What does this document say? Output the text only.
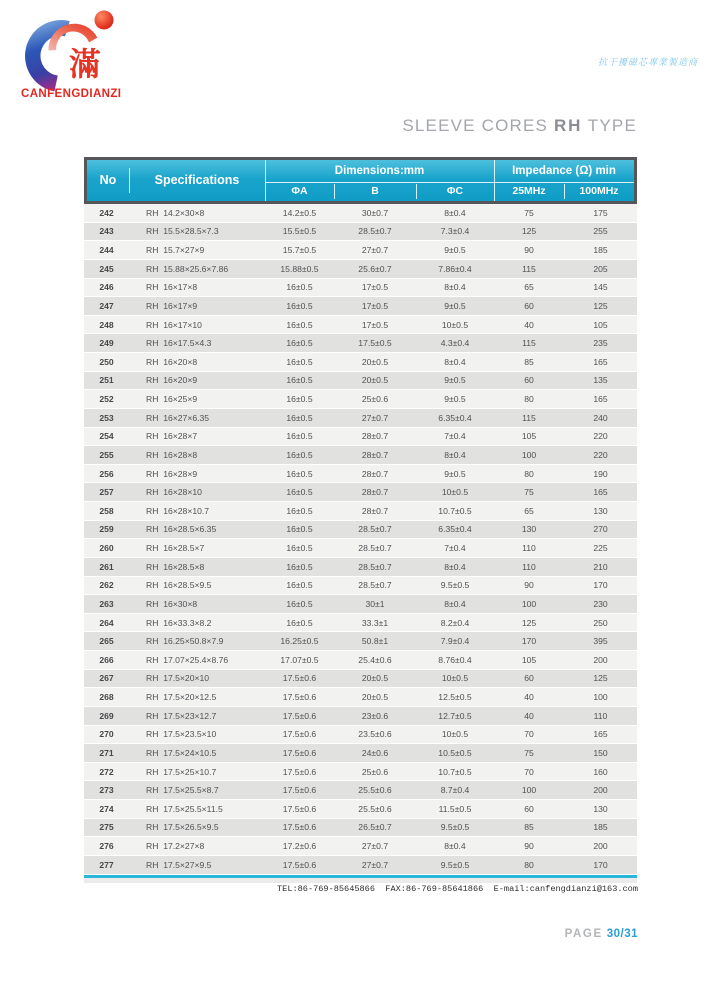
滿
CANFENGDIANZI
抗干擾磁芯專業製造商
SLEEVE CORES RH TYPE
No	Specifications
Dimensions:mm	Impedance (Ω) min
ΦA	B	ΦC	25MHz	100MHz
242	RH  14.2×30×8	14.2±0.5	30±0.7	8±0.4	75	175
243	RH  15.5×28.5×7.3	15.5±0.5	28.5±0.7	7.3±0.4	125	255
244	RH  15.7×27×9	15.7±0.5	27±0.7	9±0.5	90	185
245	RH  15.88×25.6×7.86	15.88±0.5	25.6±0.7	7.86±0.4	115	205
246	RH  16×17×8	16±0.5	17±0.5	8±0.4	65	145
247	RH  16×17×9	16±0.5	17±0.5	9±0.5	60	125
248	RH  16×17×10	16±0.5	17±0.5	10±0.5	40	105
249	RH  16×17.5×4.3	16±0.5	17.5±0.5	4.3±0.4	115	235
250	RH  16×20×8	16±0.5	20±0.5	8±0.4	85	165
251	RH  16×20×9	16±0.5	20±0.5	9±0.5	60	135
252	RH  16×25×9	16±0.5	25±0.6	9±0.5	80	165
253	RH  16×27×6.35	16±0.5	27±0.7	6.35±0.4	115	240
254	RH  16×28×7	16±0.5	28±0.7	7±0.4	105	220
255	RH  16×28×8	16±0.5	28±0.7	8±0.4	100	220
256	RH  16×28×9	16±0.5	28±0.7	9±0.5	80	190
257	RH  16×28×10	16±0.5	28±0.7	10±0.5	75	165
258	RH  16×28×10.7	16±0.5	28±0.7	10.7±0.5	65	130
259	RH  16×28.5×6.35	16±0.5	28.5±0.7	6.35±0.4	130	270
260	RH  16×28.5×7	16±0.5	28.5±0.7	7±0.4	110	225
261	RH  16×28.5×8	16±0.5	28.5±0.7	8±0.4	110	210
262	RH  16×28.5×9.5	16±0.5	28.5±0.7	9.5±0.5	90	170
263	RH  16×30×8	16±0.5	30±1	8±0.4	100	230
264	RH  16×33.3×8.2	16±0.5	33.3±1	8.2±0.4	125	250
265	RH  16.25×50.8×7.9	16.25±0.5	50.8±1	7.9±0.4	170	395
266	RH  17.07×25.4×8.76	17.07±0.5	25.4±0.6	8.76±0.4	105	200
267	RH  17.5×20×10	17.5±0.6	20±0.5	10±0.5	60	125
268	RH  17.5×20×12.5	17.5±0.6	20±0.5	12.5±0.5	40	100
269	RH  17.5×23×12.7	17.5±0.6	23±0.6	12.7±0.5	40	110
270	RH  17.5×23.5×10	17.5±0.6	23.5±0.6	10±0.5	70	165
271	RH  17.5×24×10.5	17.5±0.6	24±0.6	10.5±0.5	75	150
272	RH  17.5×25×10.7	17.5±0.6	25±0.6	10.7±0.5	70	160
273	RH  17.5×25.5×8.7	17.5±0.6	25.5±0.6	8.7±0.4	100	200
274	RH  17.5×25.5×11.5	17.5±0.6	25.5±0.6	11.5±0.5	60	130
275	RH  17.5×26.5×9.5	17.5±0.6	26.5±0.7	9.5±0.5	85	185
276	RH  17.2×27×8	17.2±0.6	27±0.7	8±0.4	90	200
277	RH  17.5×27×9.5	17.5±0.6	27±0.7	9.5±0.5	80	170
TEL:86-769-85645866  FAX:86-769-85641866  E-mail:canfengdianzi@163.com
PAGE 30/31
